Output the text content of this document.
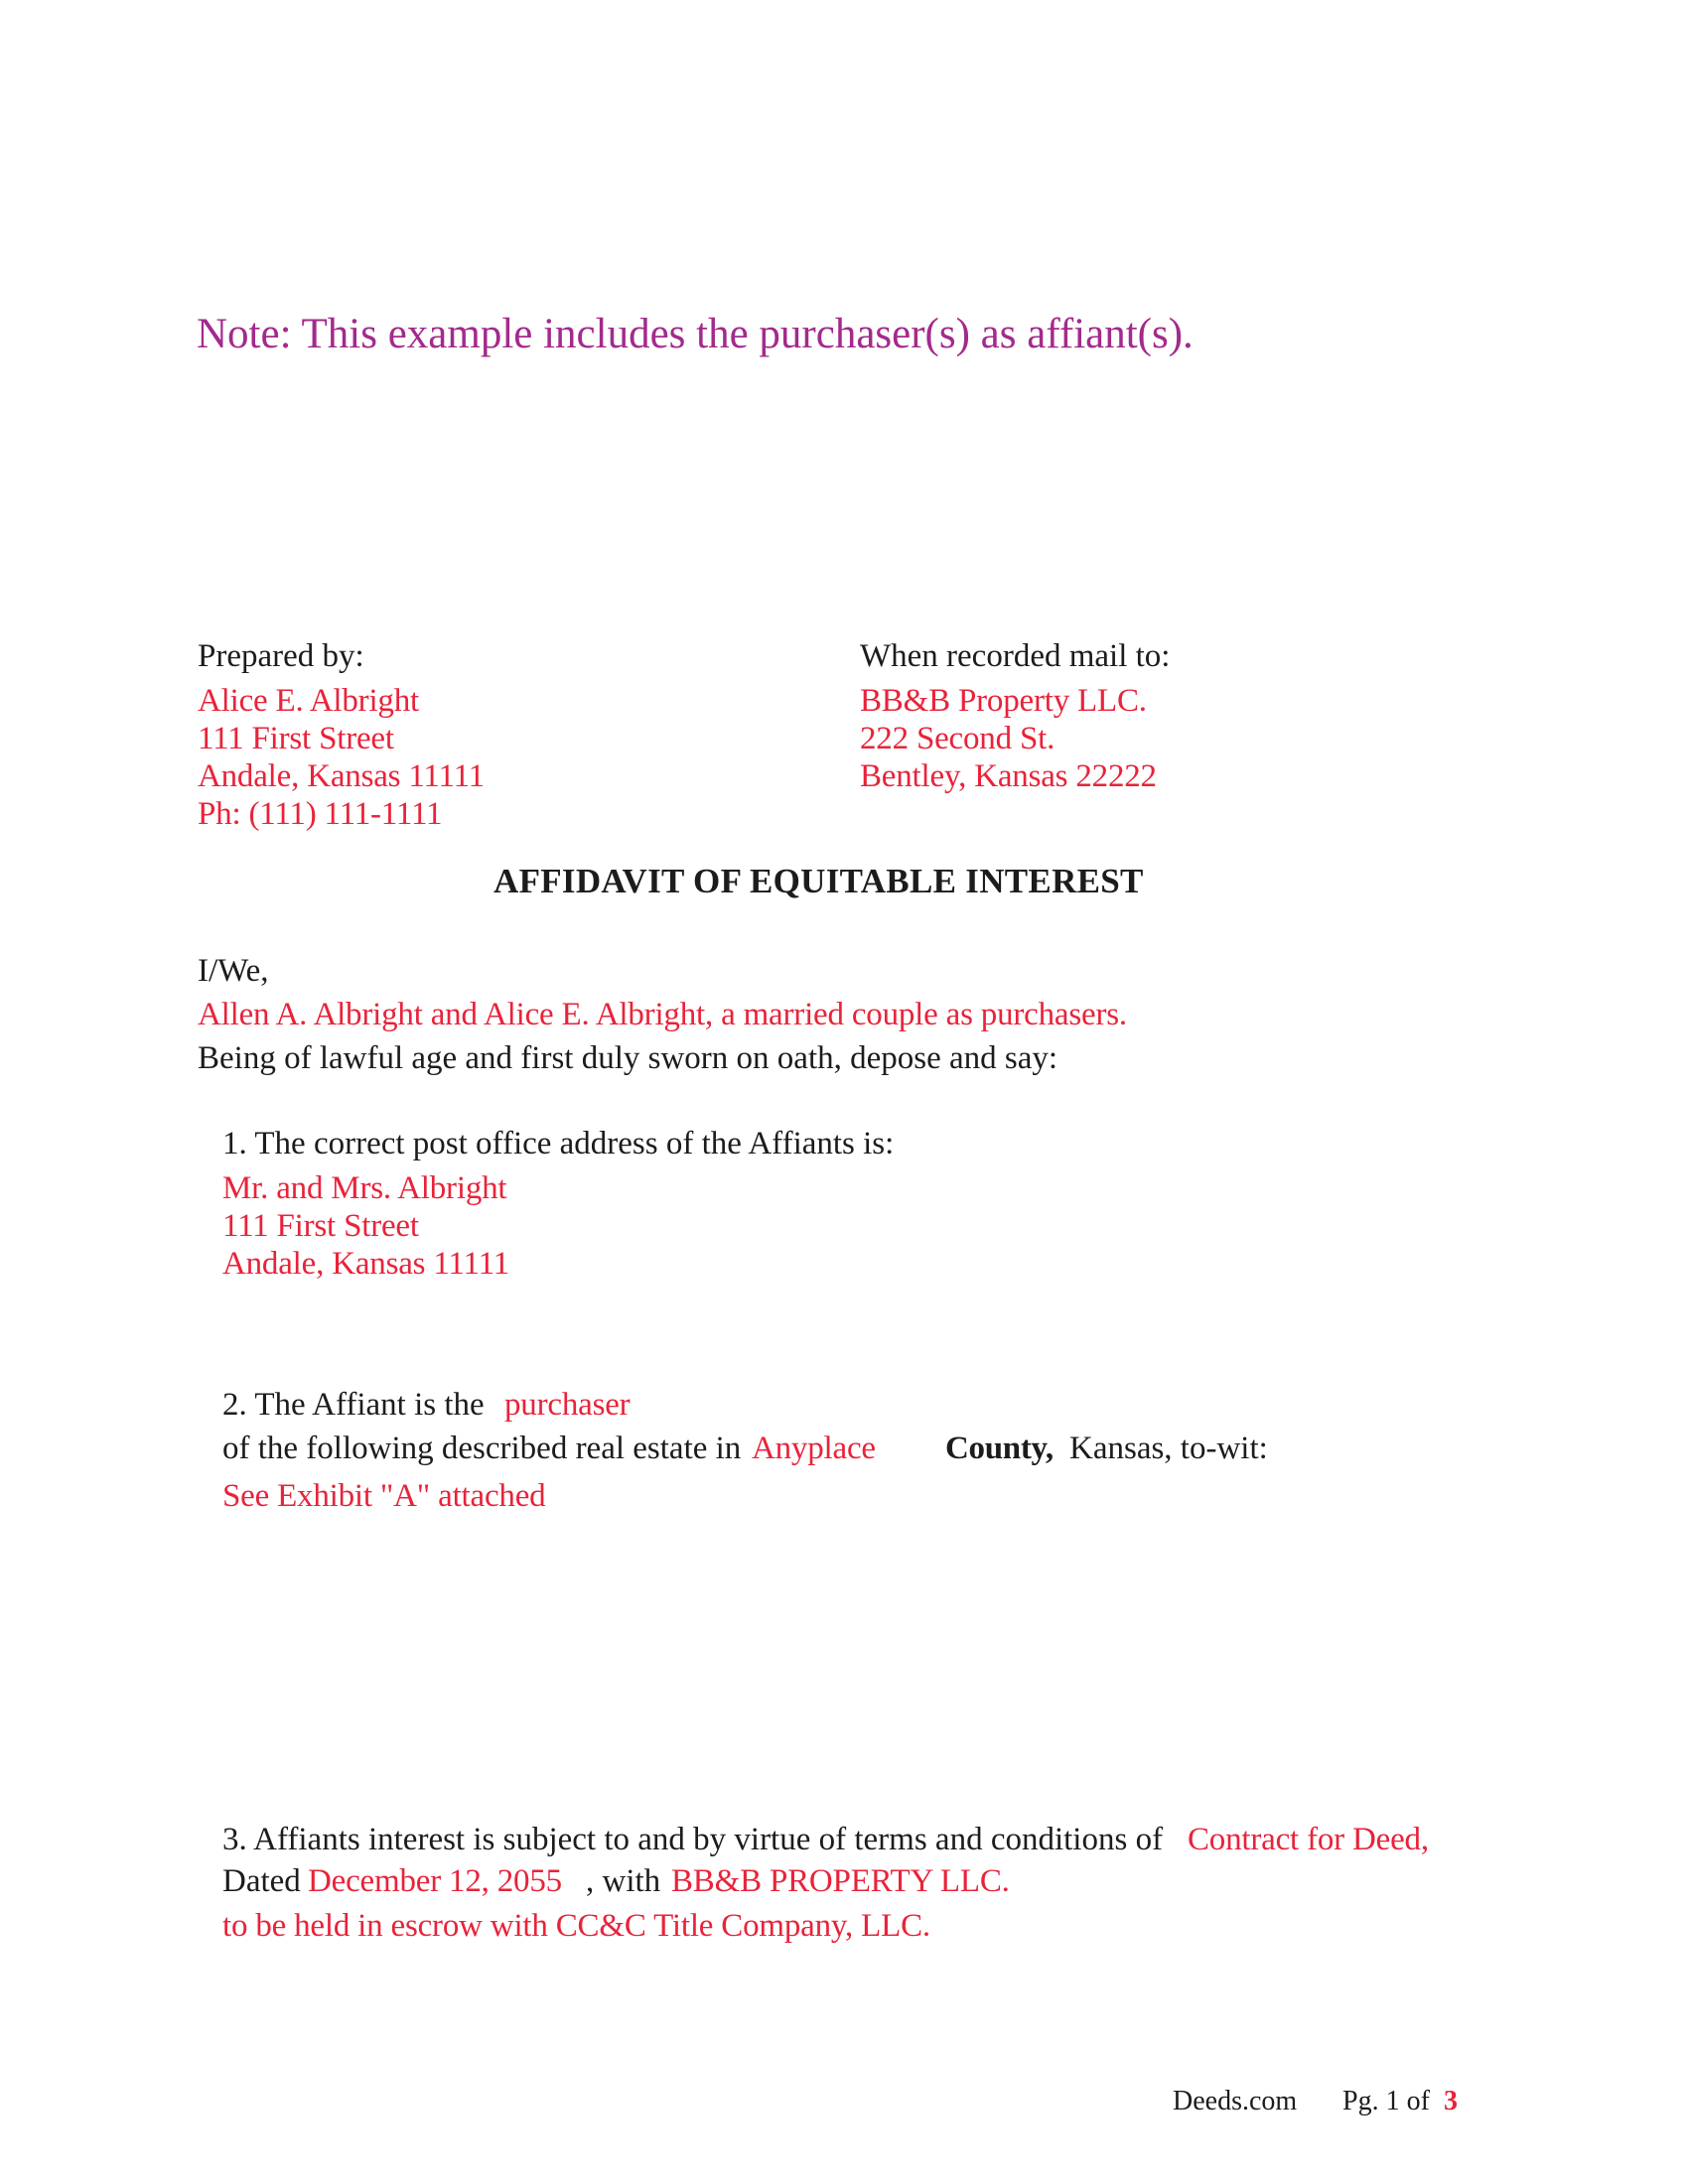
Note: This example includes the purchaser(s) as affiant(s).
Prepared by:
Alice E. Albright
111 First Street
Andale, Kansas 11111
Ph: (111) 111-1111
When recorded mail to:
BB&B Property LLC.
222 Second St.
Bentley, Kansas 22222
AFFIDAVIT OF EQUITABLE INTEREST
I/We,
Allen A. Albright and Alice E. Albright, a married couple as purchasers.
Being of lawful age and first duly sworn on oath, depose and say:
1. The correct post office address of the Affiants is:
Mr. and Mrs. Albright
111 First Street
Andale, Kansas 11111
2. The Affiant is the purchaser
of the following described real estate in Anyplace County, Kansas, to-wit:
See Exhibit "A" attached
3. Affiants interest is subject to and by virtue of terms and conditions of Contract for Deed,
Dated December 12, 2055 , with BB&B PROPERTY LLC.
to be held in escrow with CC&C Title Company, LLC.
Deeds.com Pg. 1 of 3
